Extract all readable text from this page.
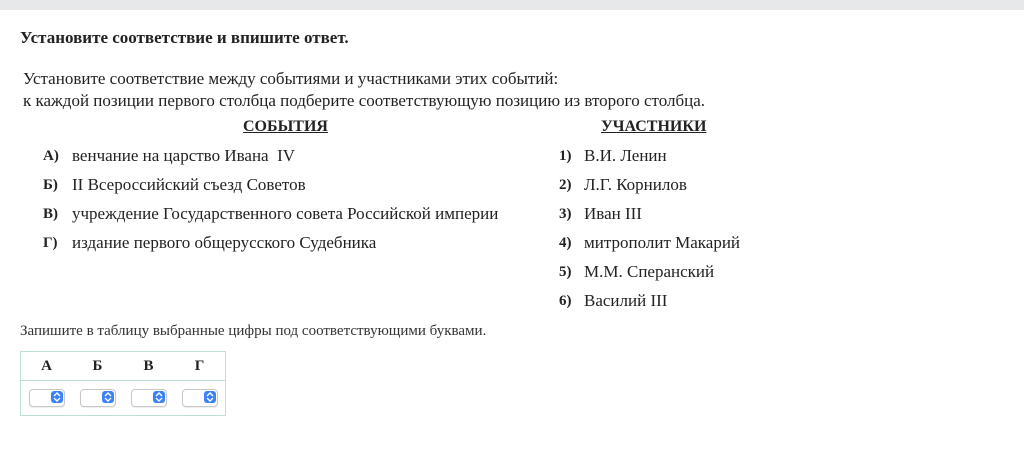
Установите соответствие и впишите ответ.
Установите соответствие между событиями и участниками этих событий:
к каждой позиции первого столбца подберите соответствующую позицию из второго столбца.
СОБЫТИЯ	УЧАСТНИКИ
А) венчание на царство Ивана  IV
Б) II Всероссийский съезд Советов
В) учреждение Государственного совета Российской империи
Г) издание первого общерусского Судебника
1) В.И. Ленин
2) Л.Г. Корнилов
3) Иван III
4) митрополит Макарий
5) М.М. Сперанский
6) Василий III
Запишите в таблицу выбранные цифры под соответствующими буквами.
А	Б	В	Г
